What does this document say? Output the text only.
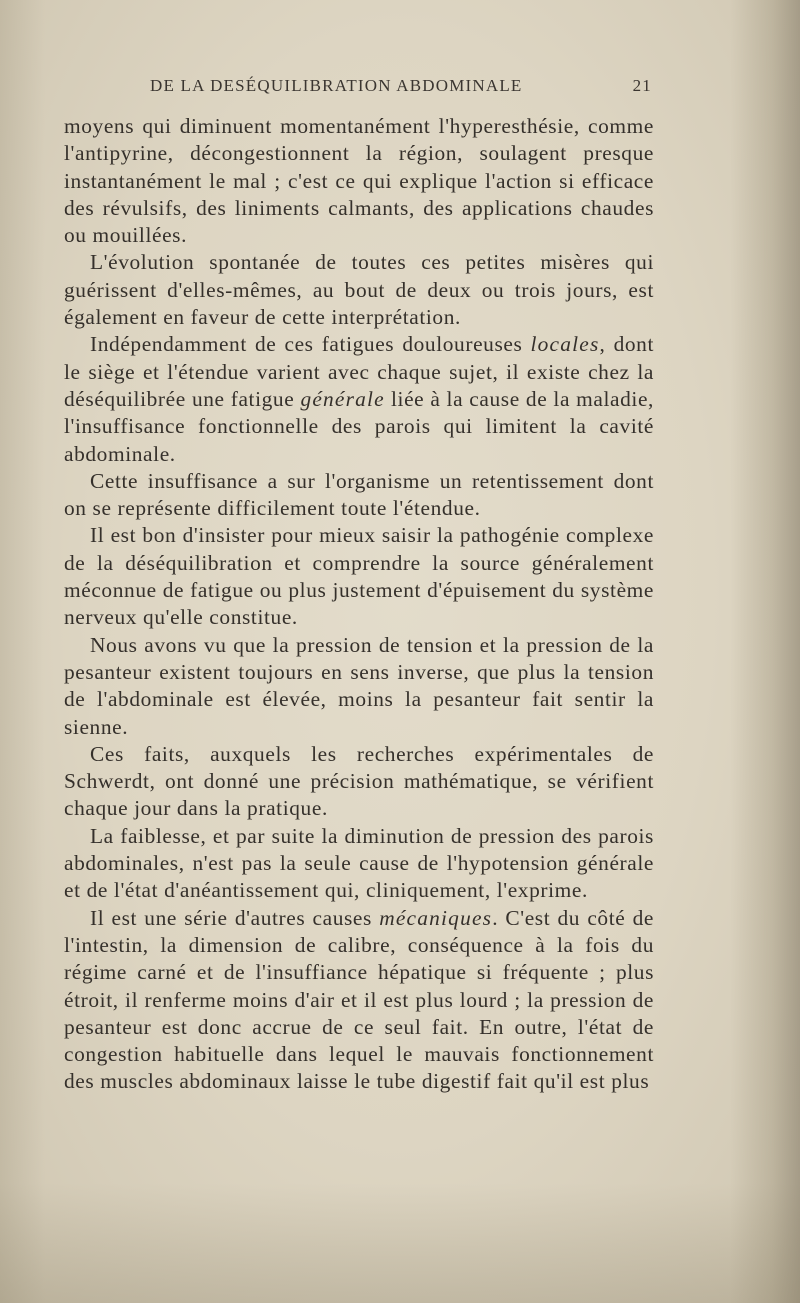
DE LA DESÉQUILIBRATION ABDOMINALE	21

moyens qui diminuent momentanément l'hyperesthésie, comme l'antipyrine, décongestionnent la région, soulagent presque instantanément le mal ; c'est ce qui explique l'action si efficace des révulsifs, des liniments calmants, des applications chaudes ou mouillées.

L'évolution spontanée de toutes ces petites misères qui guérissent d'elles-mêmes, au bout de deux ou trois jours, est également en faveur de cette interprétation.

Indépendamment de ces fatigues douloureuses locales, dont le siège et l'étendue varient avec chaque sujet, il existe chez la déséquilibrée une fatigue générale liée à la cause de la maladie, l'insuffisance fonctionnelle des parois qui limitent la cavité abdominale.

Cette insuffisance a sur l'organisme un retentissement dont on se représente difficilement toute l'étendue.

Il est bon d'insister pour mieux saisir la pathogénie complexe de la déséquilibration et comprendre la source généralement méconnue de fatigue ou plus justement d'épuisement du système nerveux qu'elle constitue.

Nous avons vu que la pression de tension et la pression de la pesanteur existent toujours en sens inverse, que plus la tension de l'abdominale est élevée, moins la pesanteur fait sentir la sienne.

Ces faits, auxquels les recherches expérimentales de Schwerdt, ont donné une précision mathématique, se vérifient chaque jour dans la pratique.

La faiblesse, et par suite la diminution de pression des parois abdominales, n'est pas la seule cause de l'hypotension générale et de l'état d'anéantissement qui, cliniquement, l'exprime.

Il est une série d'autres causes mécaniques. C'est du côté de l'intestin, la dimension de calibre, conséquence à la fois du régime carné et de l'insuffiance hépatique si fréquente ; plus étroit, il renferme moins d'air et il est plus lourd ; la pression de pesanteur est donc accrue de ce seul fait. En outre, l'état de congestion habituelle dans lequel le mauvais fonctionnement des muscles abdominaux laisse le tube digestif fait qu'il est plus
